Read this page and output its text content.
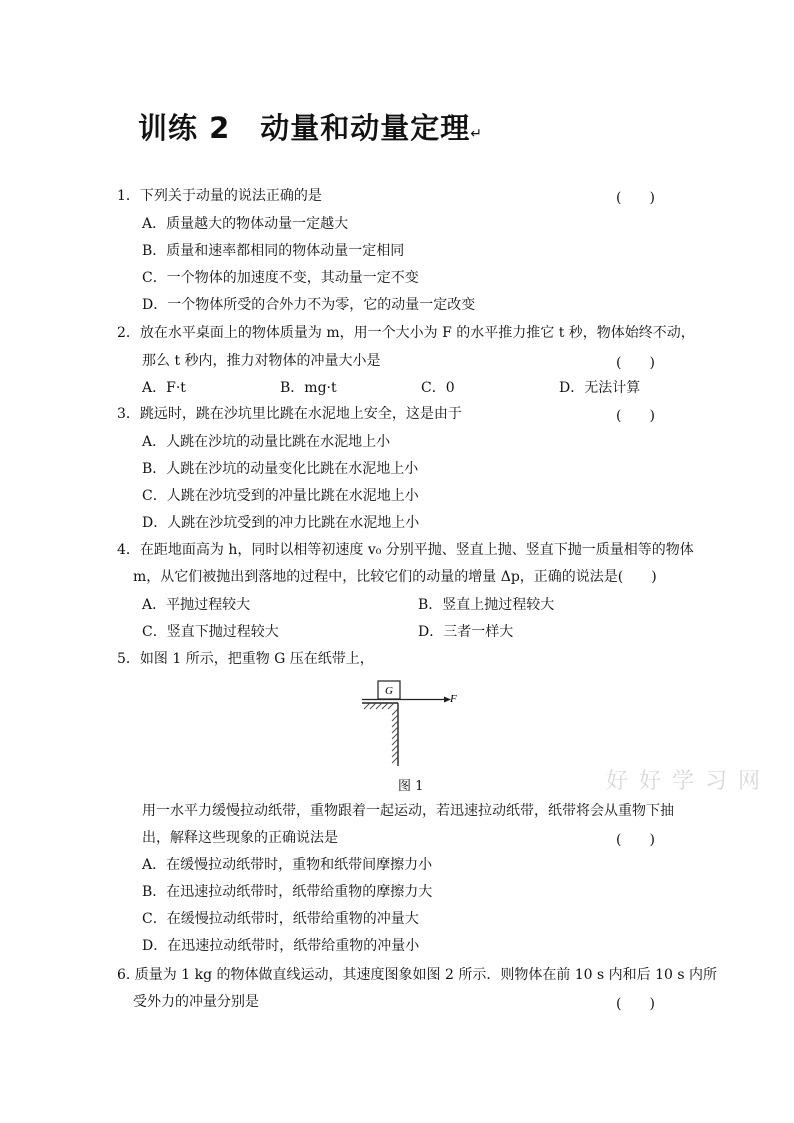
训练 2 动量和动量定理↵
1．下列关于动量的说法正确的是	(　　)
A．质量越大的物体动量一定越大
B．质量和速率都相同的物体动量一定相同
C．一个物体的加速度不变，其动量一定不变
D．一个物体所受的合外力不为零，它的动量一定改变
2．放在水平桌面上的物体质量为 m，用一个大小为 F 的水平推力推它 t 秒，物体始终不动，
那么 t 秒内，推力对物体的冲量大小是	(　　)
A．F·t	B．mg·t	C．0	D．无法计算
3．跳远时，跳在沙坑里比跳在水泥地上安全，这是由于	(　　)
A．人跳在沙坑的动量比跳在水泥地上小
B．人跳在沙坑的动量变化比跳在水泥地上小
C．人跳在沙坑受到的冲量比跳在水泥地上小
D．人跳在沙坑受到的冲力比跳在水泥地上小
4．在距地面高为 h，同时以相等初速度 v₀ 分别平抛、竖直上抛、竖直下抛一质量相等的物体
m，从它们被抛出到落地的过程中，比较它们的动量的增量 Δp，正确的说法是(　　)
A．平抛过程较大	B．竖直上抛过程较大
C．竖直下抛过程较大	D．三者一样大
5．如图 1 所示，把重物 G 压在纸带上，
G
F
图 1	好 好 学 习 网
用一水平力缓慢拉动纸带，重物跟着一起运动，若迅速拉动纸带，纸带将会从重物下抽
出，解释这些现象的正确说法是	(　　)
A．在缓慢拉动纸带时，重物和纸带间摩擦力小
B．在迅速拉动纸带时，纸带给重物的摩擦力大
C．在缓慢拉动纸带时，纸带给重物的冲量大
D．在迅速拉动纸带时，纸带给重物的冲量小
6. 质量为 1 kg 的物体做直线运动，其速度图象如图 2 所示．则物体在前 10 s 内和后 10 s 内所
受外力的冲量分别是	(　　)
